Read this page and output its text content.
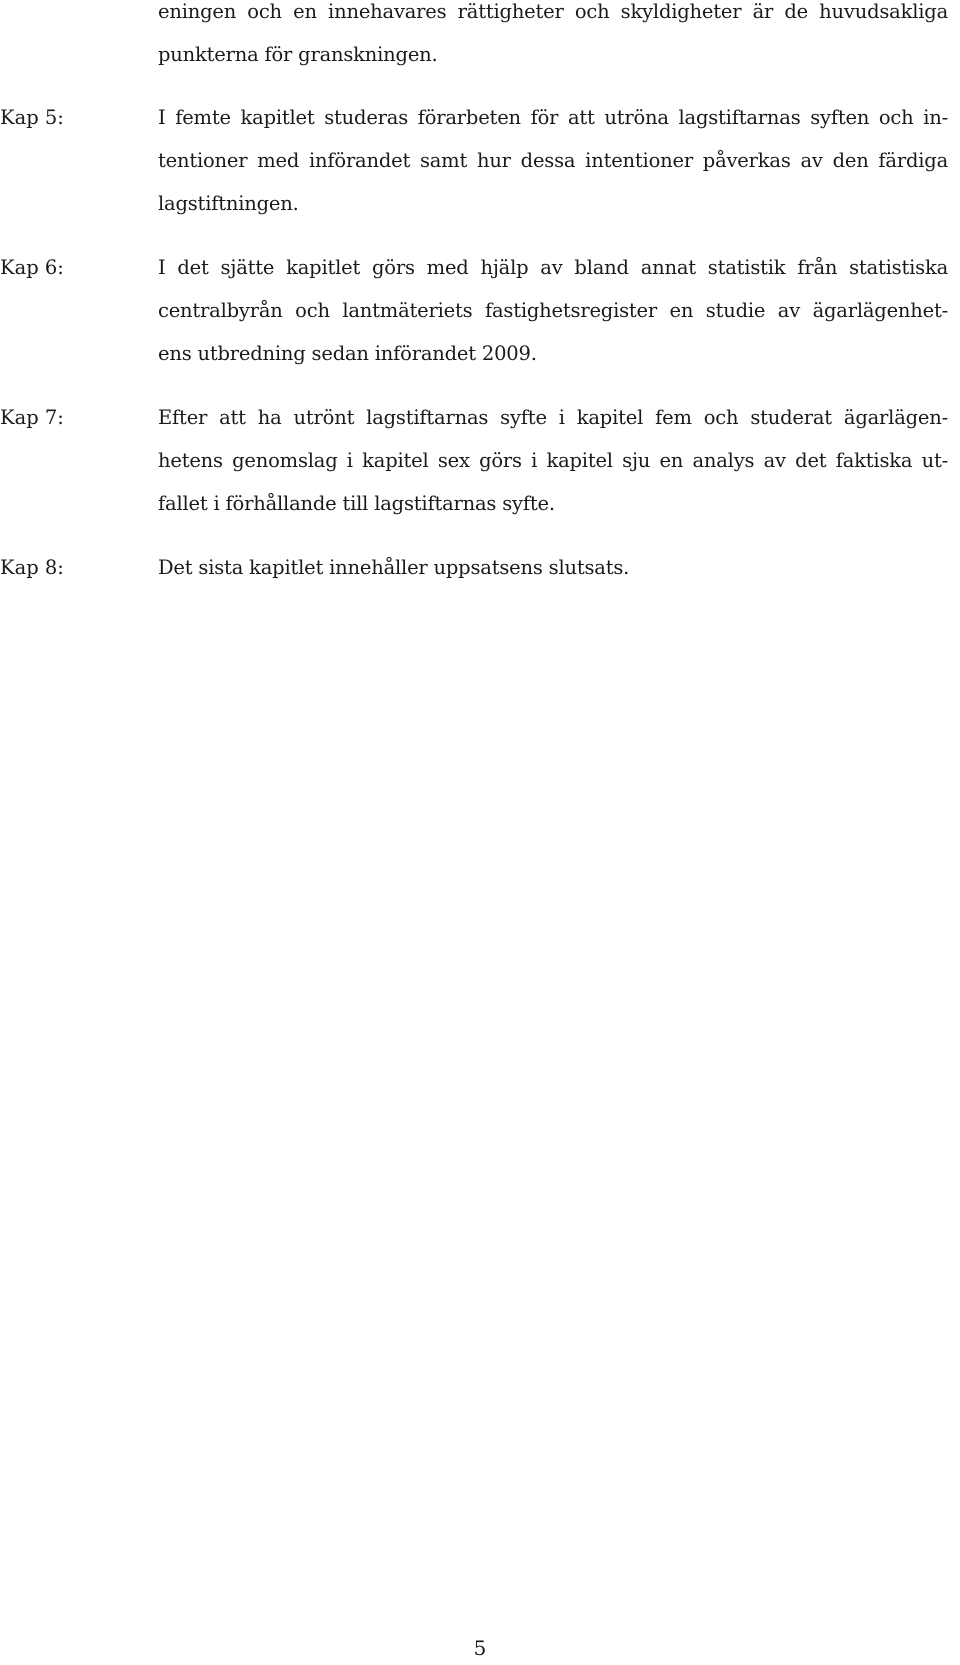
eningen och en innehavares rättigheter och skyldigheter är de huvudsakliga
punkterna för granskningen.
Kap 5:	I femte kapitlet studeras förarbeten för att utröna lagstiftarnas syften och in-
tentioner med införandet samt hur dessa intentioner påverkas av den färdiga
lagstiftningen.
Kap 6:	I det sjätte kapitlet görs med hjälp av bland annat statistik från statistiska
centralbyrån och lantmäteriets fastighetsregister en studie av ägarlägenhet-
ens utbredning sedan införandet 2009.
Kap 7:	Efter att ha utrönt lagstiftarnas syfte i kapitel fem och studerat ägarlägen-
hetens genomslag i kapitel sex görs i kapitel sju en analys av det faktiska ut-
fallet i förhållande till lagstiftarnas syfte.
Kap 8:	Det sista kapitlet innehåller uppsatsens slutsats.
5
